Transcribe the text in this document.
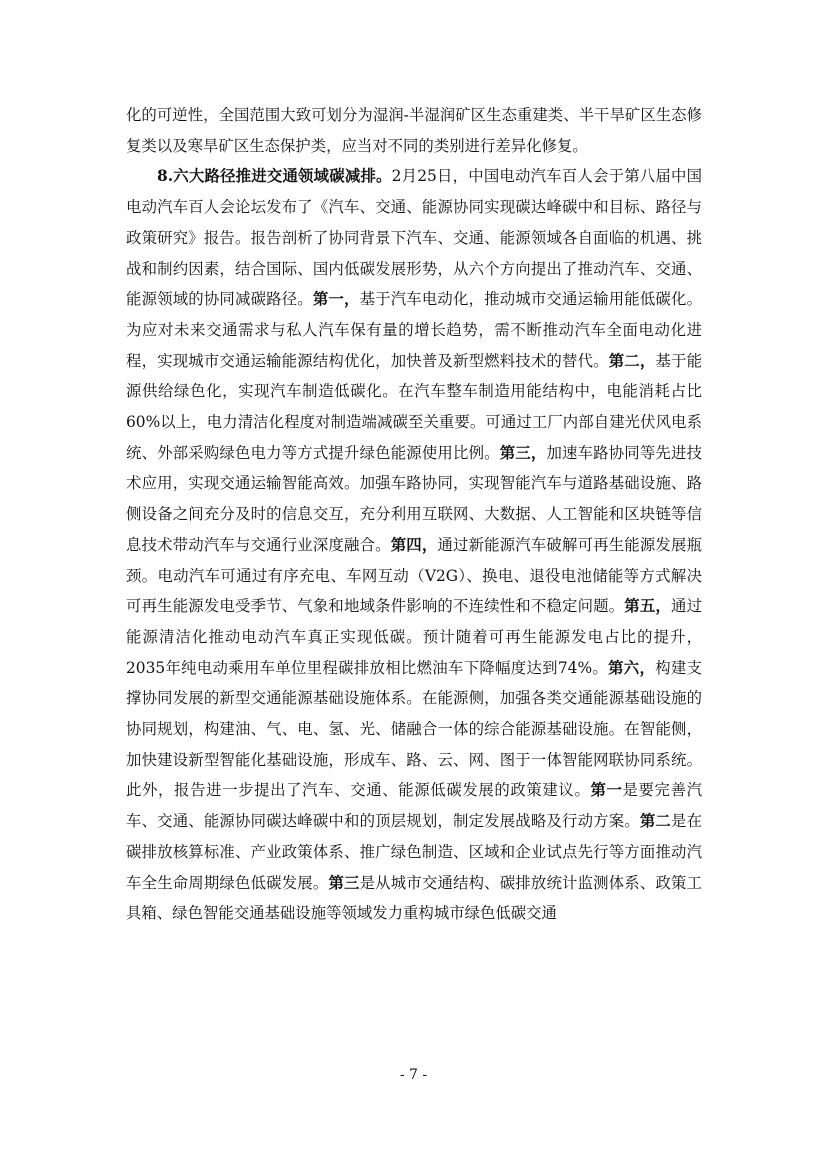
化的可逆性，全国范围大致可划分为湿润-半湿润矿区生态重建类、半干旱矿区生态修复类以及寒旱矿区生态保护类，应当对不同的类别进行差异化修复。

8.六大路径推进交通领域碳减排。2月25日，中国电动汽车百人会于第八届中国电动汽车百人会论坛发布了《汽车、交通、能源协同实现碳达峰碳中和目标、路径与政策研究》报告。报告剖析了协同背景下汽车、交通、能源领域各自面临的机遇、挑战和制约因素，结合国际、国内低碳发展形势，从六个方向提出了推动汽车、交通、能源领域的协同减碳路径。第一，基于汽车电动化，推动城市交通运输用能低碳化。为应对未来交通需求与私人汽车保有量的增长趋势，需不断推动汽车全面电动化进程，实现城市交通运输能源结构优化，加快普及新型燃料技术的替代。第二，基于能源供给绿色化，实现汽车制造低碳化。在汽车整车制造用能结构中，电能消耗占比60%以上，电力清洁化程度对制造端减碳至关重要。可通过工厂内部自建光伏风电系统、外部采购绿色电力等方式提升绿色能源使用比例。第三，加速车路协同等先进技术应用，实现交通运输智能高效。加强车路协同，实现智能汽车与道路基础设施、路侧设备之间充分及时的信息交互，充分利用互联网、大数据、人工智能和区块链等信息技术带动汽车与交通行业深度融合。第四，通过新能源汽车破解可再生能源发展瓶颈。电动汽车可通过有序充电、车网互动（V2G）、换电、退役电池储能等方式解决可再生能源发电受季节、气象和地域条件影响的不连续性和不稳定问题。第五，通过能源清洁化推动电动汽车真正实现低碳。预计随着可再生能源发电占比的提升，2035年纯电动乘用车单位里程碳排放相比燃油车下降幅度达到74%。第六，构建支撑协同发展的新型交通能源基础设施体系。在能源侧，加强各类交通能源基础设施的协同规划，构建油、气、电、氢、光、储融合一体的综合能源基础设施。在智能侧，加快建设新型智能化基础设施，形成车、路、云、网、图于一体智能网联协同系统。此外，报告进一步提出了汽车、交通、能源低碳发展的政策建议。第一是要完善汽车、交通、能源协同碳达峰碳中和的顶层规划，制定发展战略及行动方案。第二是在碳排放核算标准、产业政策体系、推广绿色制造、区域和企业试点先行等方面推动汽车全生命周期绿色低碳发展。第三是从城市交通结构、碳排放统计监测体系、政策工具箱、绿色智能交通基础设施等领域发力重构城市绿色低碳交通

- 7 -
